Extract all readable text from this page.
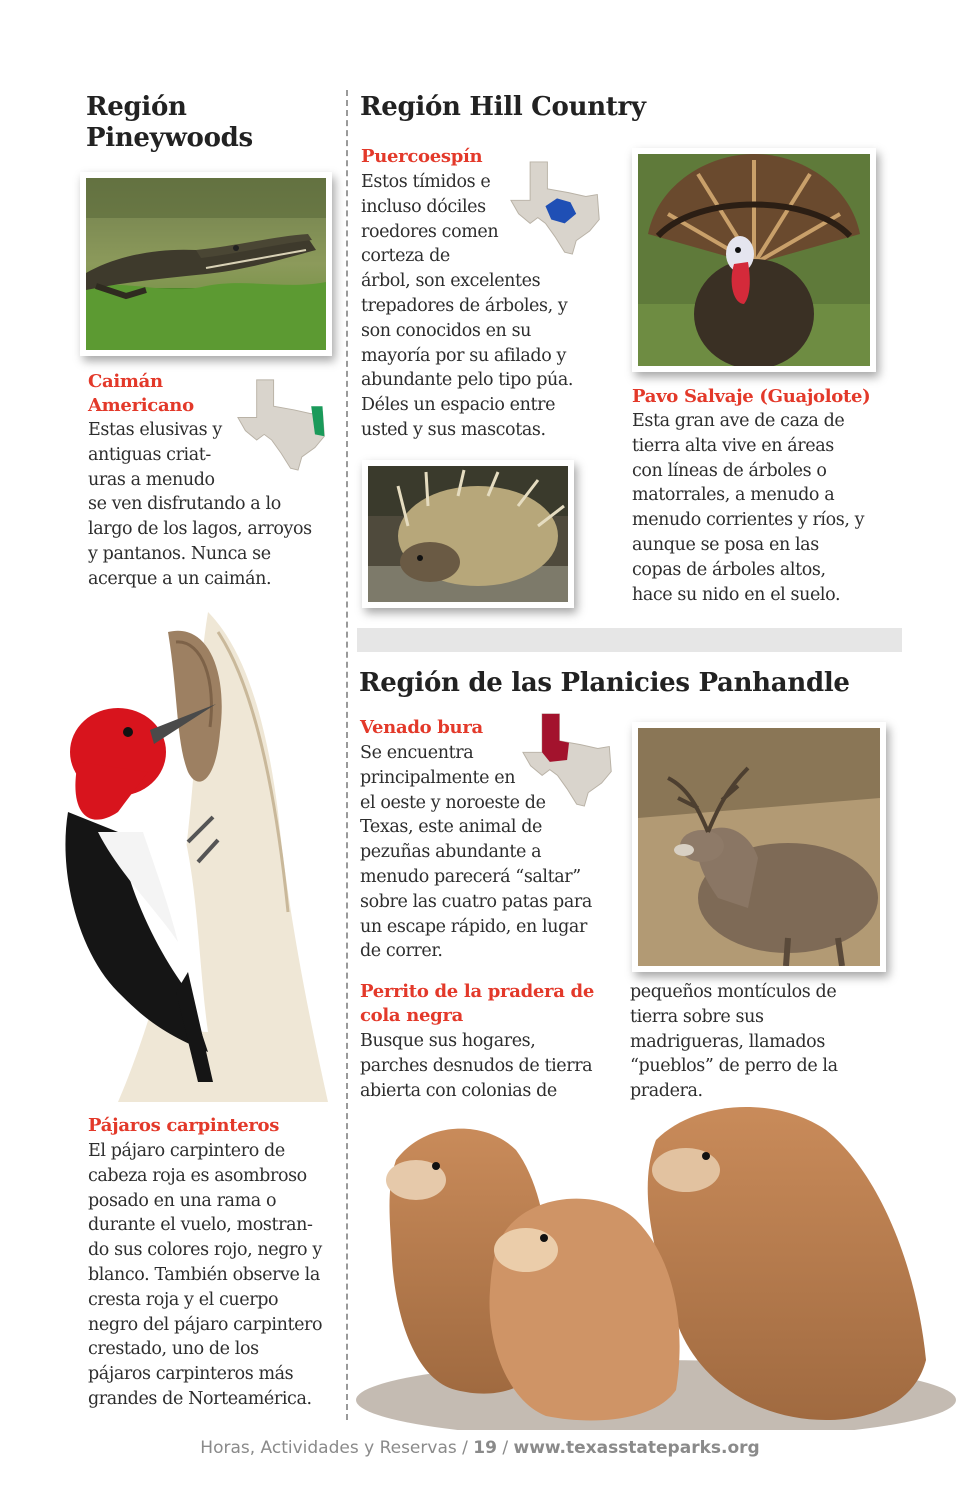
Región
Pineywoods
Caimán
Americano
Estas elusivas y
antiguas criat-
uras a menudo
se ven disfrutando a lo
largo de los lagos, arroyos
y pantanos. Nunca se
acerque a un caimán.
Pájaros carpinteros
El pájaro carpintero de
cabeza roja es asombroso
posado en una rama o
durante el vuelo, mostran-
do sus colores rojo, negro y
blanco. También observe la
cresta roja y el cuerpo
negro del pájaro carpintero
crestado, uno de los
pájaros carpinteros más
grandes de Norteamérica.
Región Hill Country
Puercoespín
Estos tímidos e
incluso dóciles
roedores comen
corteza de
árbol, son excelentes
trepadores de árboles, y
son conocidos en su
mayoría por su afilado y
abundante pelo tipo púa.
Déles un espacio entre
usted y sus mascotas.
Pavo Salvaje (Guajolote)
Esta gran ave de caza de
tierra alta vive en áreas
con líneas de árboles o
matorrales, a menudo a
menudo corrientes y ríos, y
aunque se posa en las
copas de árboles altos,
hace su nido en el suelo.
Región de las Planicies Panhandle
Venado bura
Se encuentra
principalmente en
el oeste y noroeste de
Texas, este animal de
pezuñas abundante a
menudo parecerá “saltar”
sobre las cuatro patas para
un escape rápido, en lugar
de correr.
Perrito de la pradera de
cola negra
Busque sus hogares,
parches desnudos de tierra
abierta con colonias de
pequeños montículos de
tierra sobre sus
madrigueras, llamados
“pueblos” de perro de la
pradera.
Horas, Actividades y Reservas / 19 / www.texasstateparks.org
